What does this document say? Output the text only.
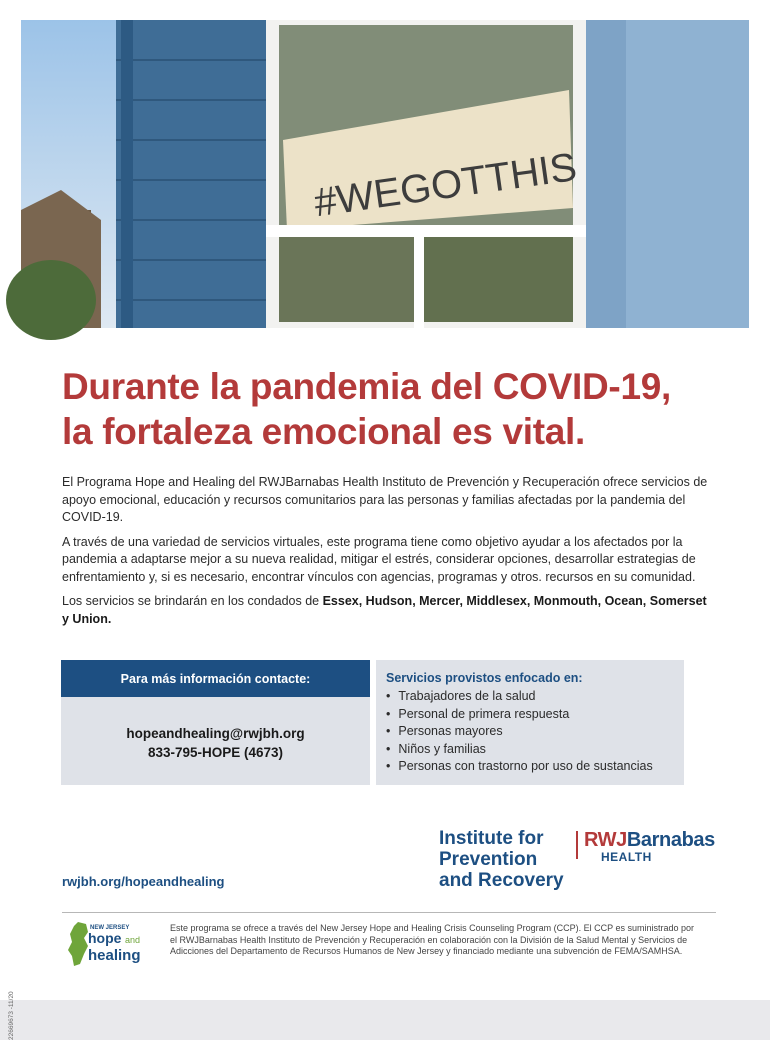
#WEGOTTHIS
Durante la pandemia del COVID-19,
la fortaleza emocional es vital.

El Programa Hope and Healing del RWJBarnabas Health Instituto de Prevención y Recuperación ofrece servicios de apoyo emocional, educación y recursos comunitarios para las personas y familias afectadas por la pandemia del COVID-19.

A través de una variedad de servicios virtuales, este programa tiene como objetivo ayudar a los afectados por la pandemia a adaptarse mejor a su nueva realidad, mitigar el estrés, considerar opciones, desarrollar estrategias de enfrentamiento y, si es necesario, encontrar vínculos con agencias, programas y otros. recursos en su comunidad.

Los servicios se brindarán en los condados de Essex, Hudson, Mercer, Middlesex, Monmouth, Ocean, Somerset y Union.

Para más información contacte:
hopeandhealing@rwjbh.org
833-795-HOPE (4673)
Servicios provistos enfocado en:
• Trabajadores de la salud
• Personal de primera respuesta
• Personas mayores
• Niños y familias
• Personas con trastorno por uso de sustancias
Institute for
Prevention
and Recovery
RWJBarnabas
HEALTH
rwjbh.org/hopeandhealing
NEW JERSEY
hope and
healing
Este programa se ofrece a través del New Jersey Hope and Healing Crisis Counseling Program (CCP). El CCP es suministrado por el RWJBarnabas Health Instituto de Prevención y Recuperación en colaboración con la División de la Salud Mental y Servicios de Adicciones del Departamento de Recursos Humanos de New Jersey y financiado mediante una subvención de FEMA/SAMHSA.
22669673 -11/20
